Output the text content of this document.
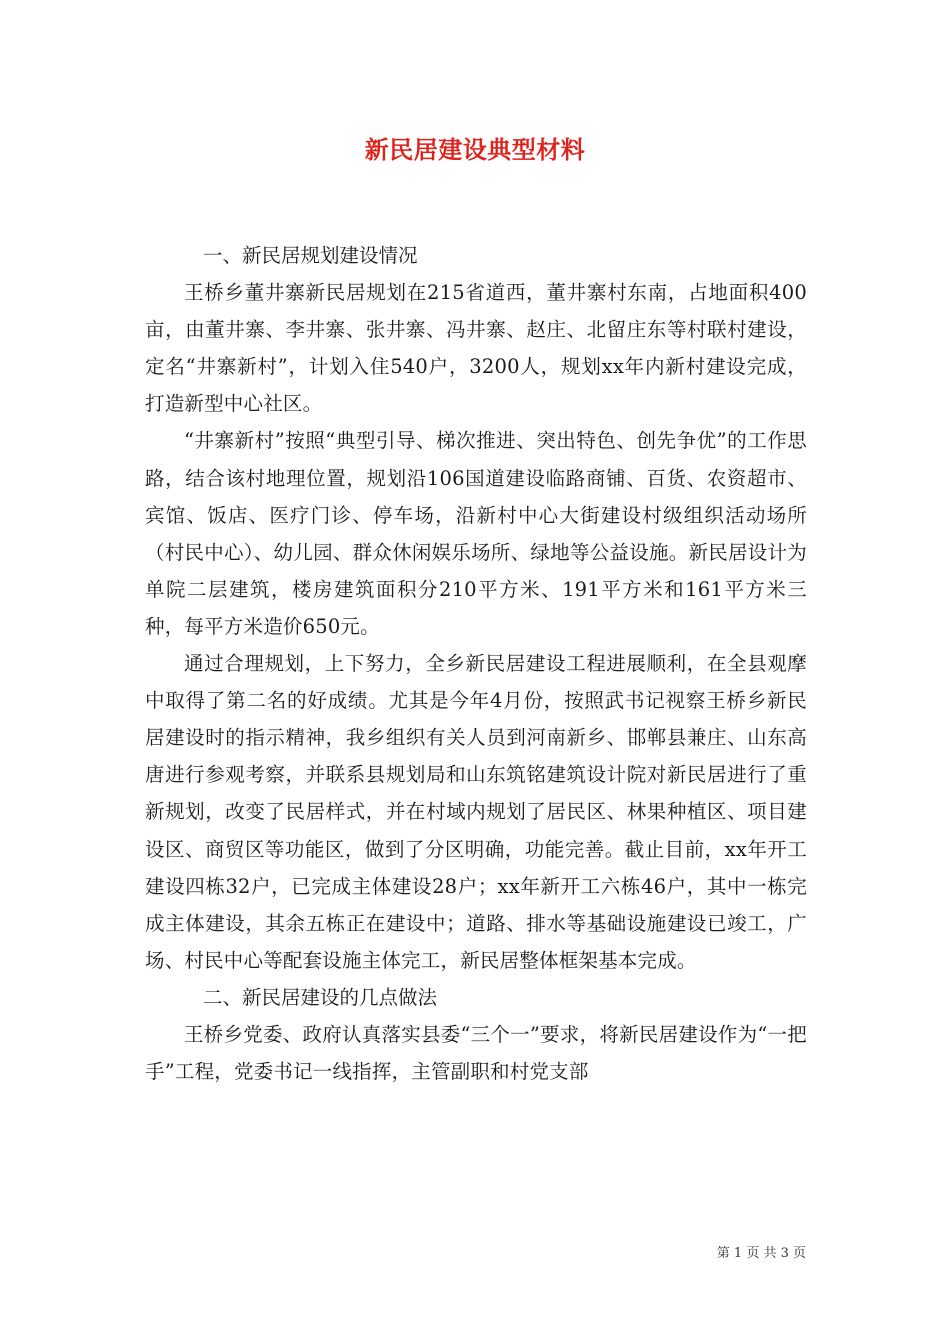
新民居建设典型材料

一、新民居规划建设情况

王桥乡董井寨新民居规划在215省道西，董井寨村东南，占地面积400亩，由董井寨、李井寨、张井寨、冯井寨、赵庄、北留庄东等村联村建设，定名“井寨新村”，计划入住540户，3200人，规划xx年内新村建设完成，打造新型中心社区。

“井寨新村”按照“典型引导、梯次推进、突出特色、创先争优”的工作思路，结合该村地理位置，规划沿106国道建设临路商铺、百货、农资超市、宾馆、饭店、医疗门诊、停车场，沿新村中心大街建设村级组织活动场所（村民中心）、幼儿园、群众休闲娱乐场所、绿地等公益设施。新民居设计为单院二层建筑，楼房建筑面积分210平方米、191平方米和161平方米三种，每平方米造价650元。

通过合理规划，上下努力，全乡新民居建设工程进展顺利，在全县观摩中取得了第二名的好成绩。尤其是今年4月份，按照武书记视察王桥乡新民居建设时的指示精神，我乡组织有关人员到河南新乡、邯郸县兼庄、山东高唐进行参观考察，并联系县规划局和山东筑铭建筑设计院对新民居进行了重新规划，改变了民居样式，并在村域内规划了居民区、林果种植区、项目建设区、商贸区等功能区，做到了分区明确，功能完善。截止目前，xx年开工建设四栋32户，已完成主体建设28户；xx年新开工六栋46户，其中一栋完成主体建设，其余五栋正在建设中；道路、排水等基础设施建设已竣工，广场、村民中心等配套设施主体完工，新民居整体框架基本完成。

二、新民居建设的几点做法

王桥乡党委、政府认真落实县委“三个一”要求，将新民居建设作为“一把手”工程，党委书记一线指挥，主管副职和村党支部

第 1 页 共 3 页
